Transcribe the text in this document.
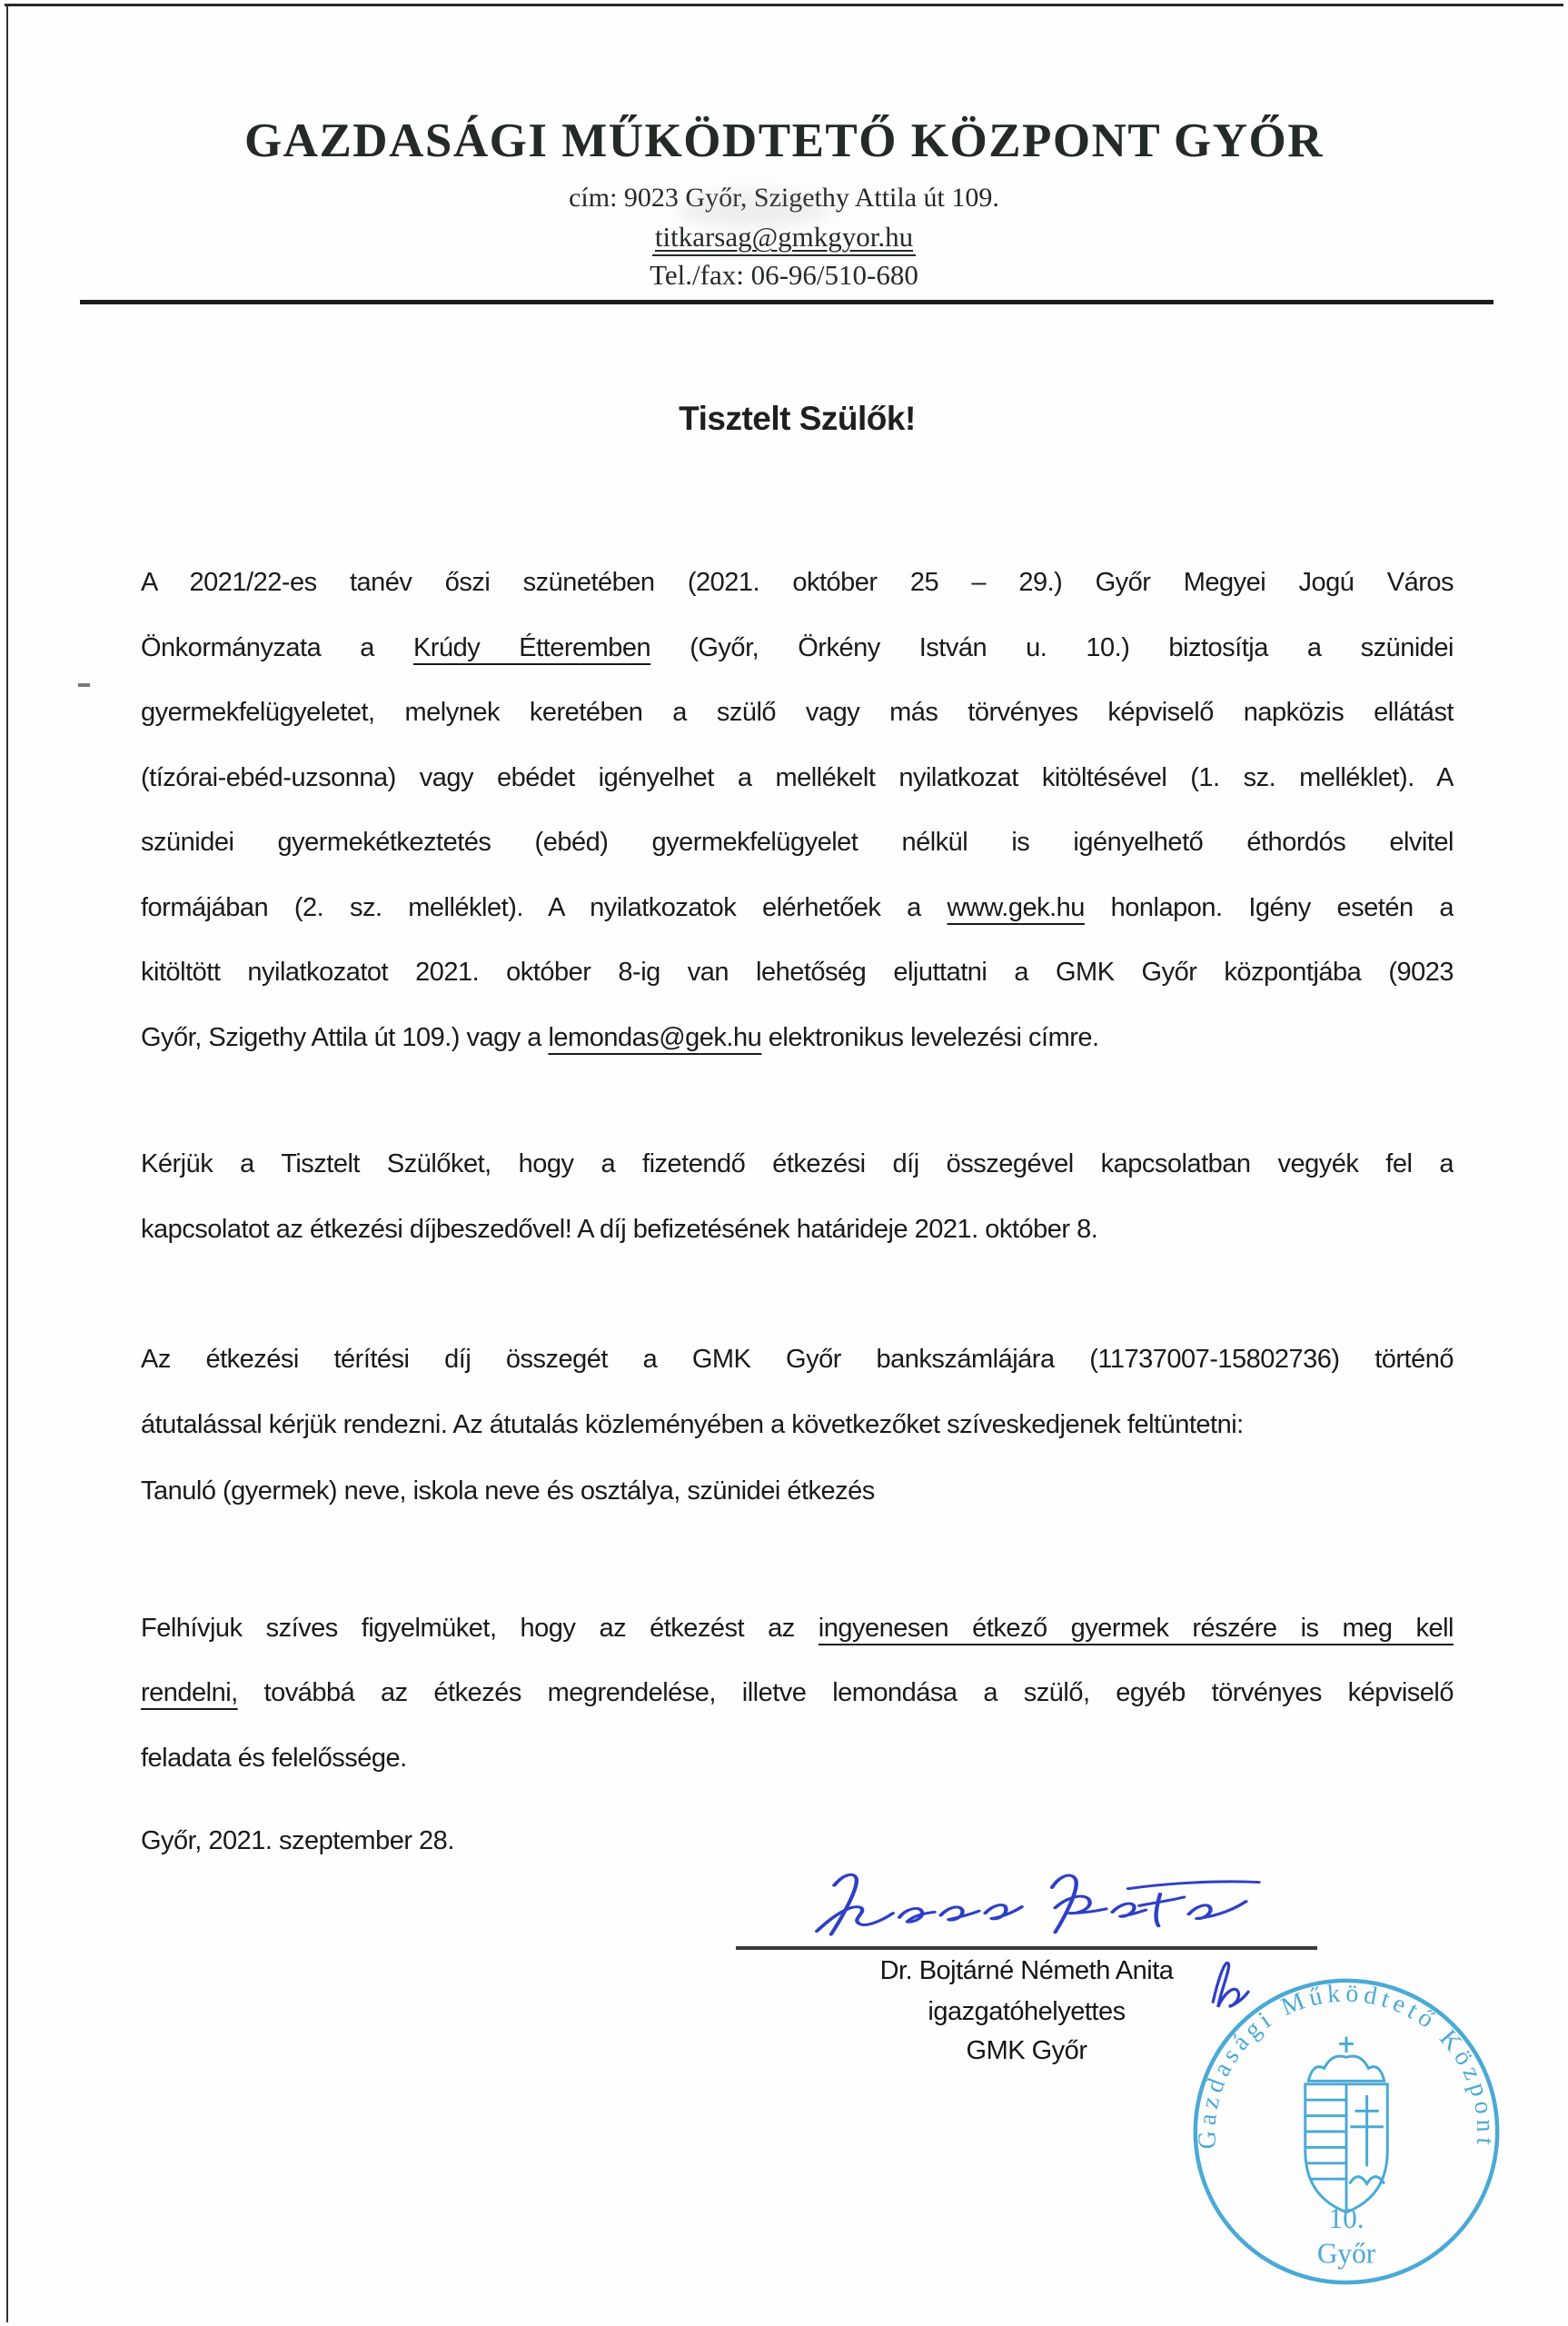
GAZDASÁGI MŰKÖDTETŐ KÖZPONT GYŐR
cím: 9023 Győr, Szigethy Attila út 109.
titkarsag@gmkgyor.hu
Tel./fax: 06-96/510-680
Tisztelt Szülők!
A 2021/22-es tanév őszi szünetében (2021. október 25 – 29.) Győr Megyei Jogú Város
Önkormányzata a Krúdy Étteremben (Győr, Örkény István u. 10.) biztosítja a szünidei
gyermekfelügyeletet, melynek keretében a szülő vagy más törvényes képviselő napközis ellátást
(tízórai-ebéd-uzsonna) vagy ebédet igényelhet a mellékelt nyilatkozat kitöltésével (1. sz. melléklet). A
szünidei gyermekétkeztetés (ebéd) gyermekfelügyelet nélkül is igényelhető éthordós elvitel
formájában (2. sz. melléklet). A nyilatkozatok elérhetőek a www.gek.hu honlapon. Igény esetén a
kitöltött nyilatkozatot 2021. október 8-ig van lehetőség eljuttatni a GMK Győr központjába (9023
Győr, Szigethy Attila út 109.) vagy a lemondas@gek.hu elektronikus levelezési címre.
Kérjük a Tisztelt Szülőket, hogy a fizetendő étkezési díj összegével kapcsolatban vegyék fel a
kapcsolatot az étkezési díjbeszedővel! A díj befizetésének határideje 2021. október 8.
Az étkezési térítési díj összegét a GMK Győr bankszámlájára (11737007-15802736) történő
átutalással kérjük rendezni. Az átutalás közleményében a következőket szíveskedjenek feltüntetni:
Tanuló (gyermek) neve, iskola neve és osztálya, szünidei étkezés
Felhívjuk szíves figyelmüket, hogy az étkezést az ingyenesen étkező gyermek részére is meg kell
rendelni, továbbá az étkezés megrendelése, illetve lemondása a szülő, egyéb törvényes képviselő
feladata és felelőssége.
Győr, 2021. szeptember 28.
Dr. Bojtárné Németh Anita
igazgatóhelyettes
GMK Győr
Gazdasági Működtető Központ
10.
Győr
